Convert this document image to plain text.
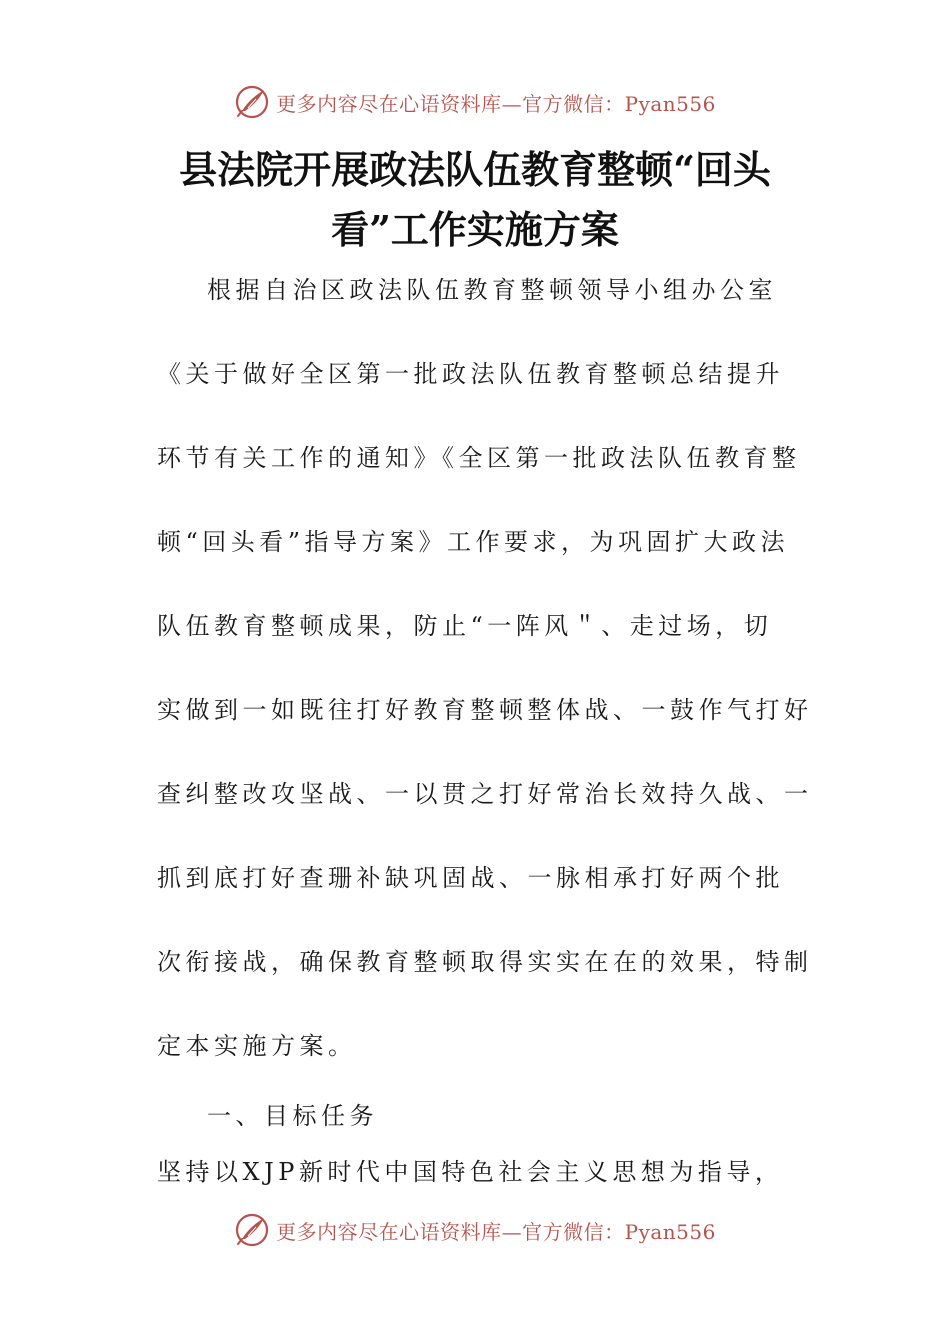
更多内容尽在心语资料库—官方微信：Pyan556
县法院开展政法队伍教育整顿“回头
看”工作实施方案
根据自治区政法队伍教育整顿领导小组办公室
《关于做好全区第一批政法队伍教育整顿总结提升
环节有关工作的通知》《全区第一批政法队伍教育整
顿“回头看”指导方案》工作要求，为巩固扩大政法
队伍教育整顿成果，防止“一阵风＂、走过场，切
实做到一如既往打好教育整顿整体战、一鼓作气打好
查纠整改攻坚战、一以贯之打好常治长效持久战、一
抓到底打好查珊补缺巩固战、一脉相承打好两个批
次衔接战，确保教育整顿取得实实在在的效果，特制
定本实施方案。
一、目标任务
坚持以XJP新时代中国特色社会主义思想为指导，
更多内容尽在心语资料库—官方微信：Pyan556
